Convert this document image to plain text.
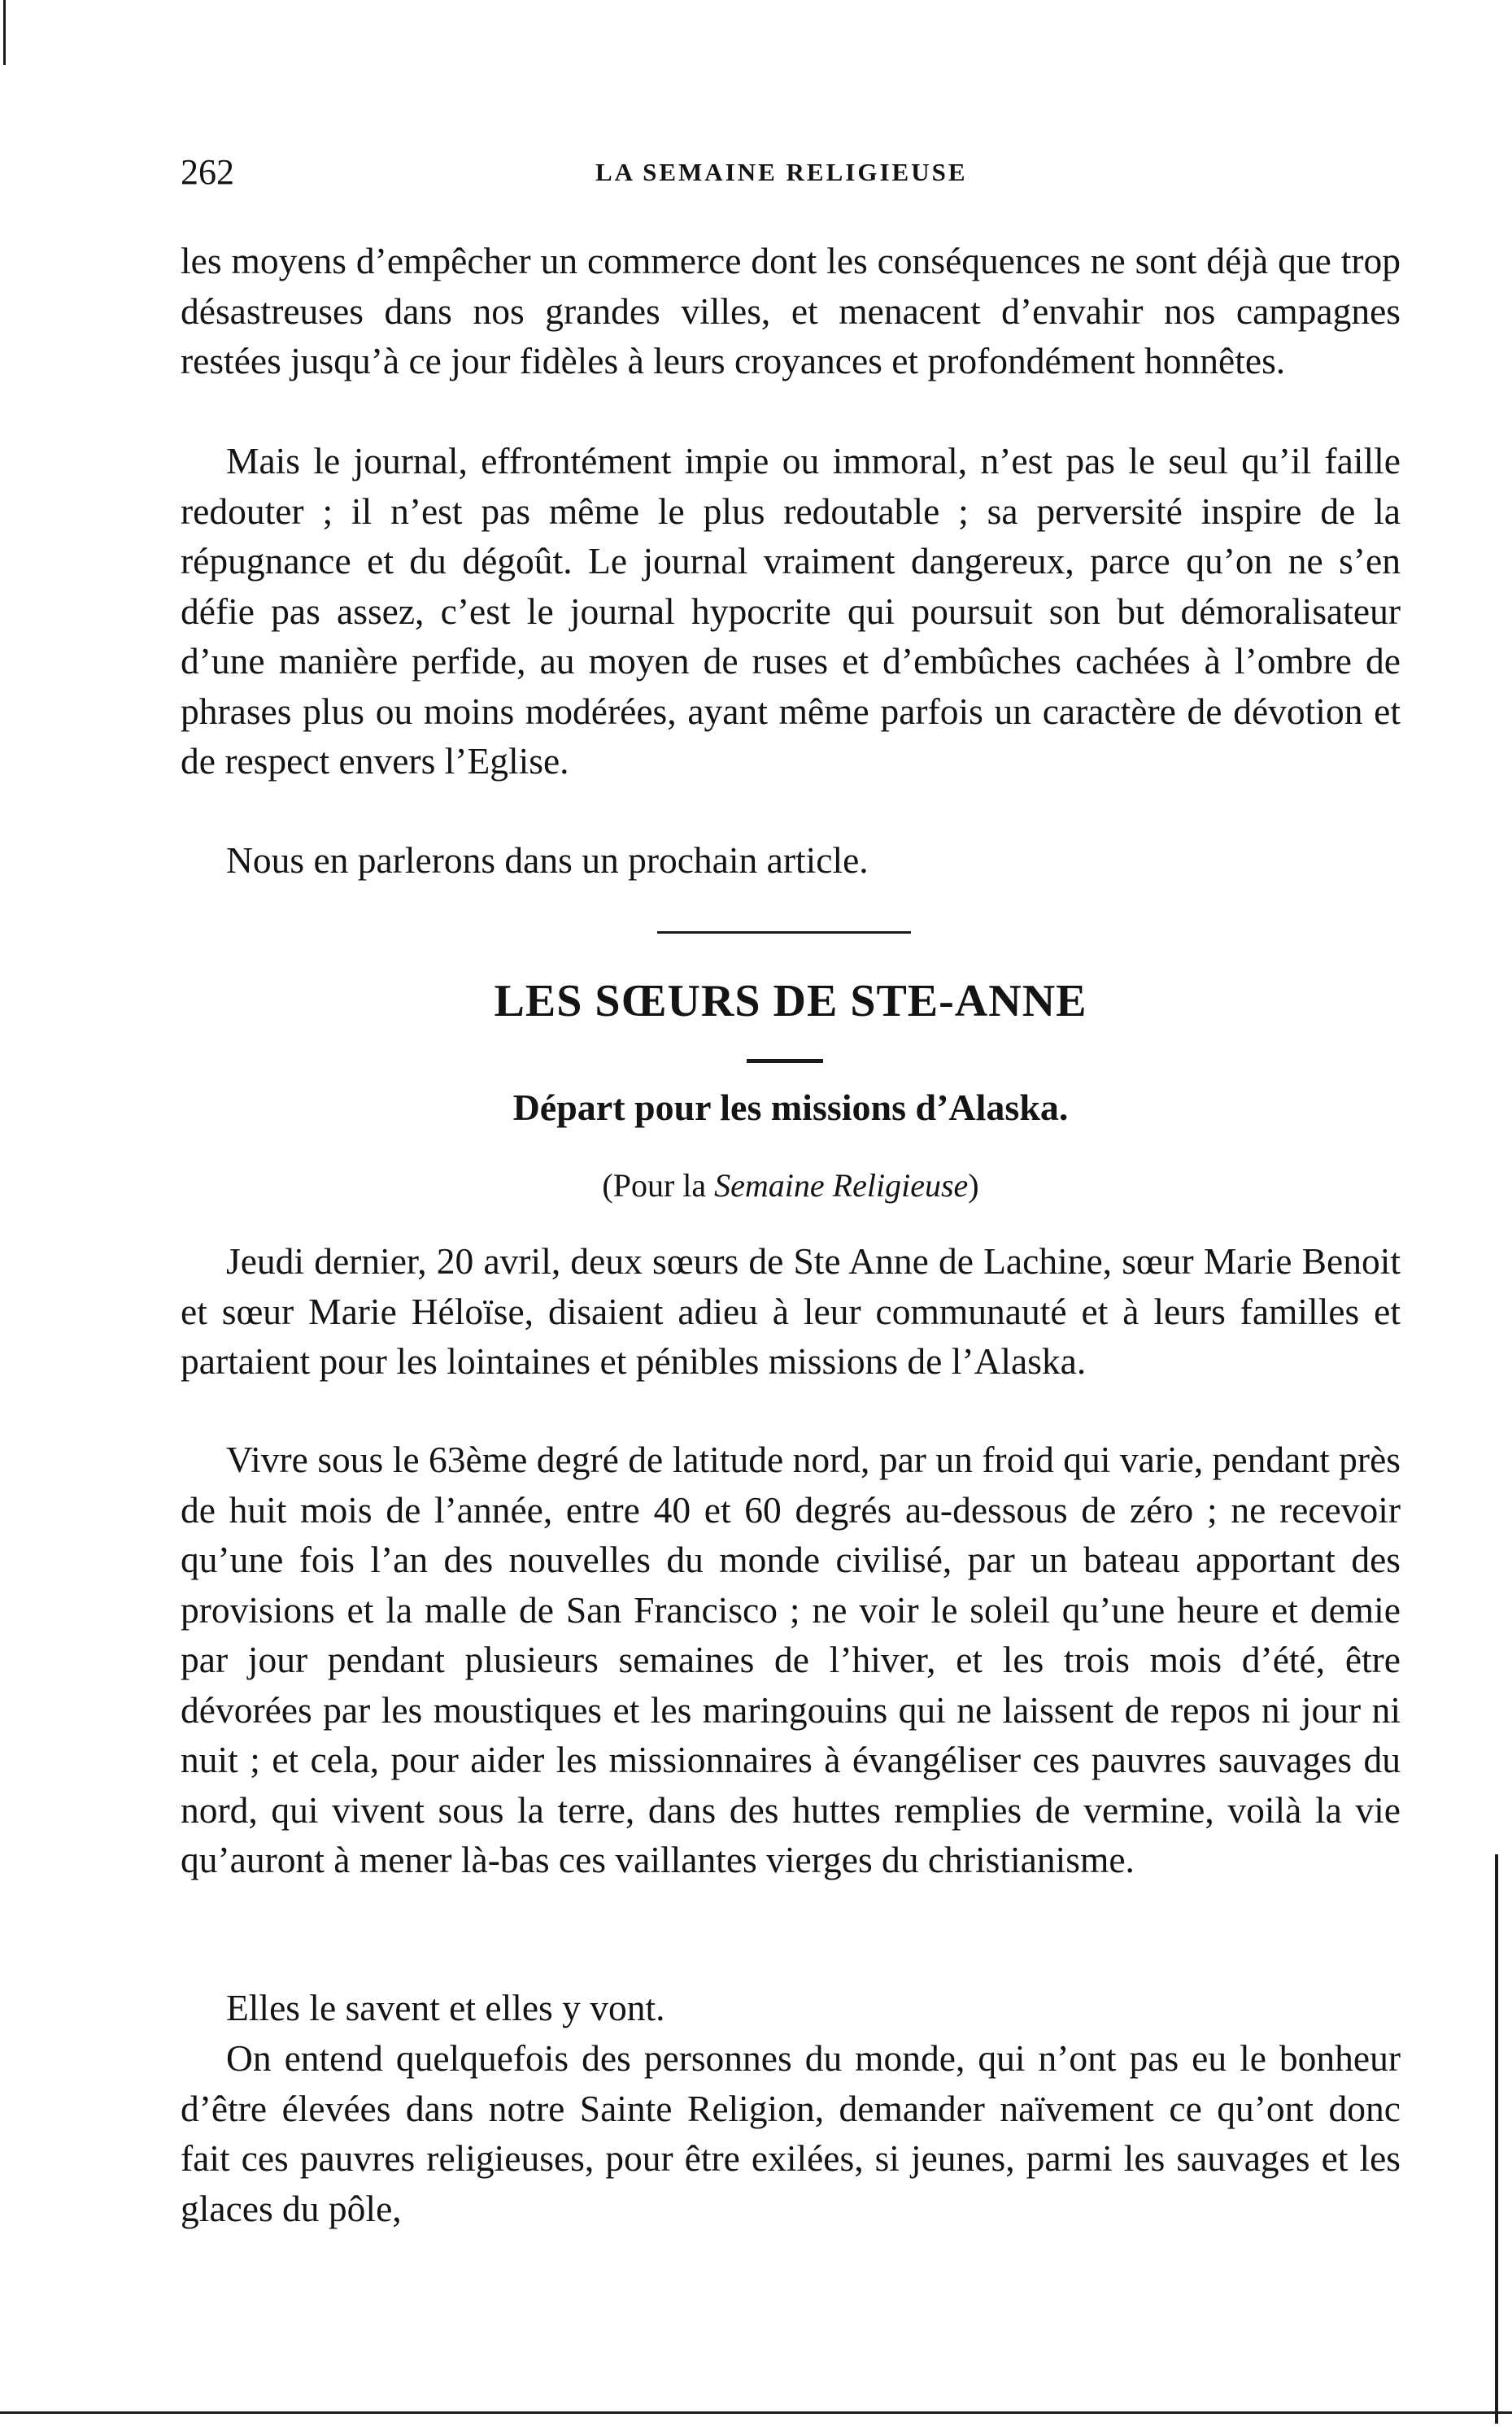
262	LA SEMAINE RELIGIEUSE

les moyens d’empêcher un commerce dont les conséquences ne sont déjà que trop désastreuses dans nos grandes villes, et menacent d’envahir nos campagnes restées jusqu’à ce jour fidèles à leurs croyances et profondément honnêtes.

Mais le journal, effrontément impie ou immoral, n’est pas le seul qu’il faille redouter ; il n’est pas même le plus redoutable ; sa perversité inspire de la répugnance et du dégoût. Le journal vraiment dangereux, parce qu’on ne s’en défie pas assez, c’est le journal hypocrite qui poursuit son but démoralisateur d’une manière perfide, au moyen de ruses et d’embûches cachées à l’ombre de phrases plus ou moins modérées, ayant même parfois un caractère de dévotion et de respect envers l’Eglise.

Nous en parlerons dans un prochain article.

LES SŒURS DE STE-ANNE
Départ pour les missions d’Alaska.
(Pour la Semaine Religieuse)

Jeudi dernier, 20 avril, deux sœurs de Ste Anne de Lachine, sœur Marie Benoit et sœur Marie Héloïse, disaient adieu à leur communauté et à leurs familles et partaient pour les lointaines et pénibles missions de l’Alaska.

Vivre sous le 63ème degré de latitude nord, par un froid qui varie, pendant près de huit mois de l’année, entre 40 et 60 degrés au-dessous de zéro ; ne recevoir qu’une fois l’an des nouvelles du monde civilisé, par un bateau apportant des provisions et la malle de San Francisco ; ne voir le soleil qu’une heure et demie par jour pendant plusieurs semaines de l’hiver, et les trois mois d’été, être dévorées par les moustiques et les maringouins qui ne laissent de repos ni jour ni nuit ; et cela, pour aider les missionnaires à évangéliser ces pauvres sauvages du nord, qui vivent sous la terre, dans des huttes remplies de vermine, voilà la vie qu’auront à mener là-bas ces vaillantes vierges du christianisme.

Elles le savent et elles y vont.

On entend quelquefois des personnes du monde, qui n’ont pas eu le bonheur d’être élevées dans notre Sainte Religion, demander naïvement ce qu’ont donc fait ces pauvres religieuses, pour être exilées, si jeunes, parmi les sauvages et les glaces du pôle,
